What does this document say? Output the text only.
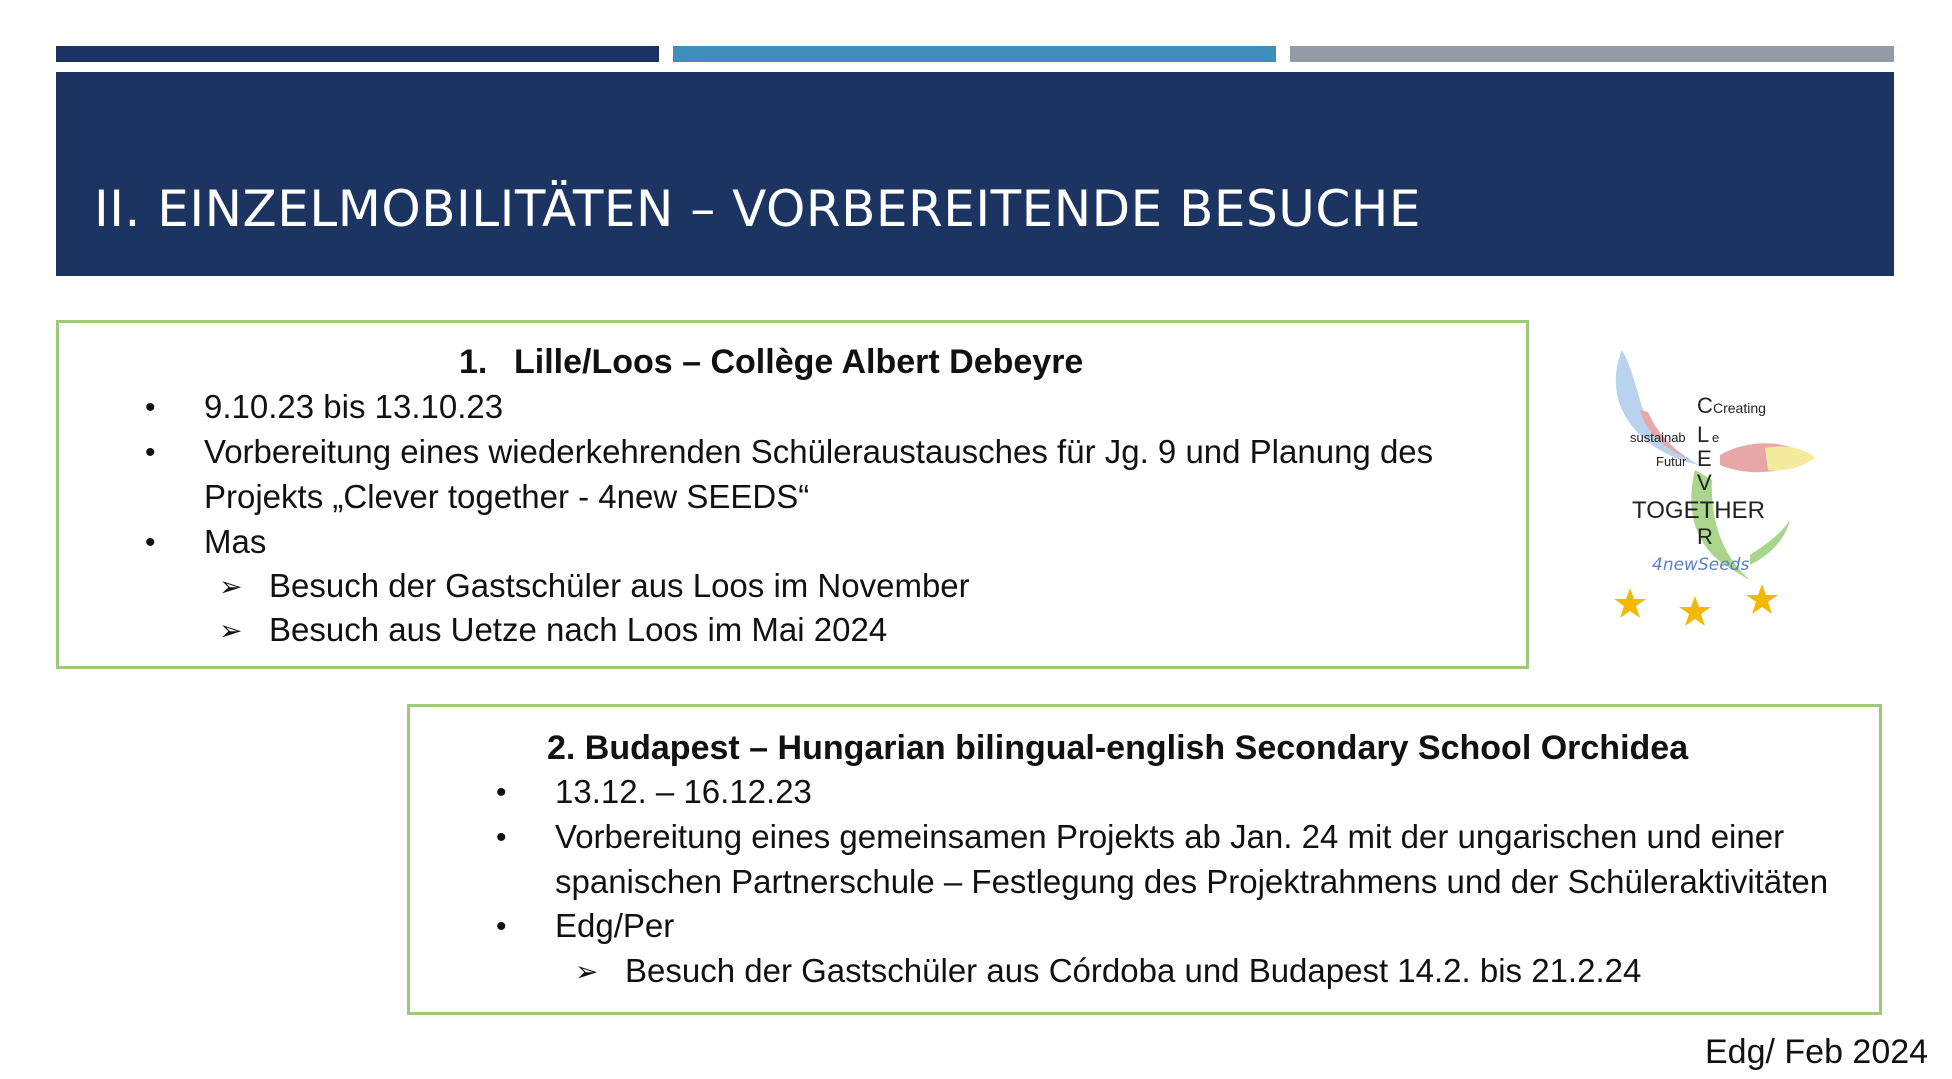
II. EINZELMOBILITÄTEN – VORBEREITENDE BESUCHE
1. Lille/Loos – Collège Albert Debeyre
• 9.10.23 bis 13.10.23
• Vorbereitung eines wiederkehrenden Schüleraustausches für Jg. 9 und Planung des
Projekts „Clever together - 4new SEEDS“
• Mas
➢ Besuch der Gastschüler aus Loos im November
➢ Besuch aus Uetze nach Loos im Mai 2024
C Creating
sustainab L e
Futur E
V
TOGETHER
R
4newSeeds
2. Budapest – Hungarian bilingual-english Secondary School Orchidea
• 13.12. – 16.12.23
• Vorbereitung eines gemeinsamen Projekts ab Jan. 24 mit der ungarischen und einer
spanischen Partnerschule – Festlegung des Projektrahmens und der Schüleraktivitäten
• Edg/Per
➢ Besuch der Gastschüler aus Córdoba und Budapest 14.2. bis 21.2.24
Edg/ Feb 2024
